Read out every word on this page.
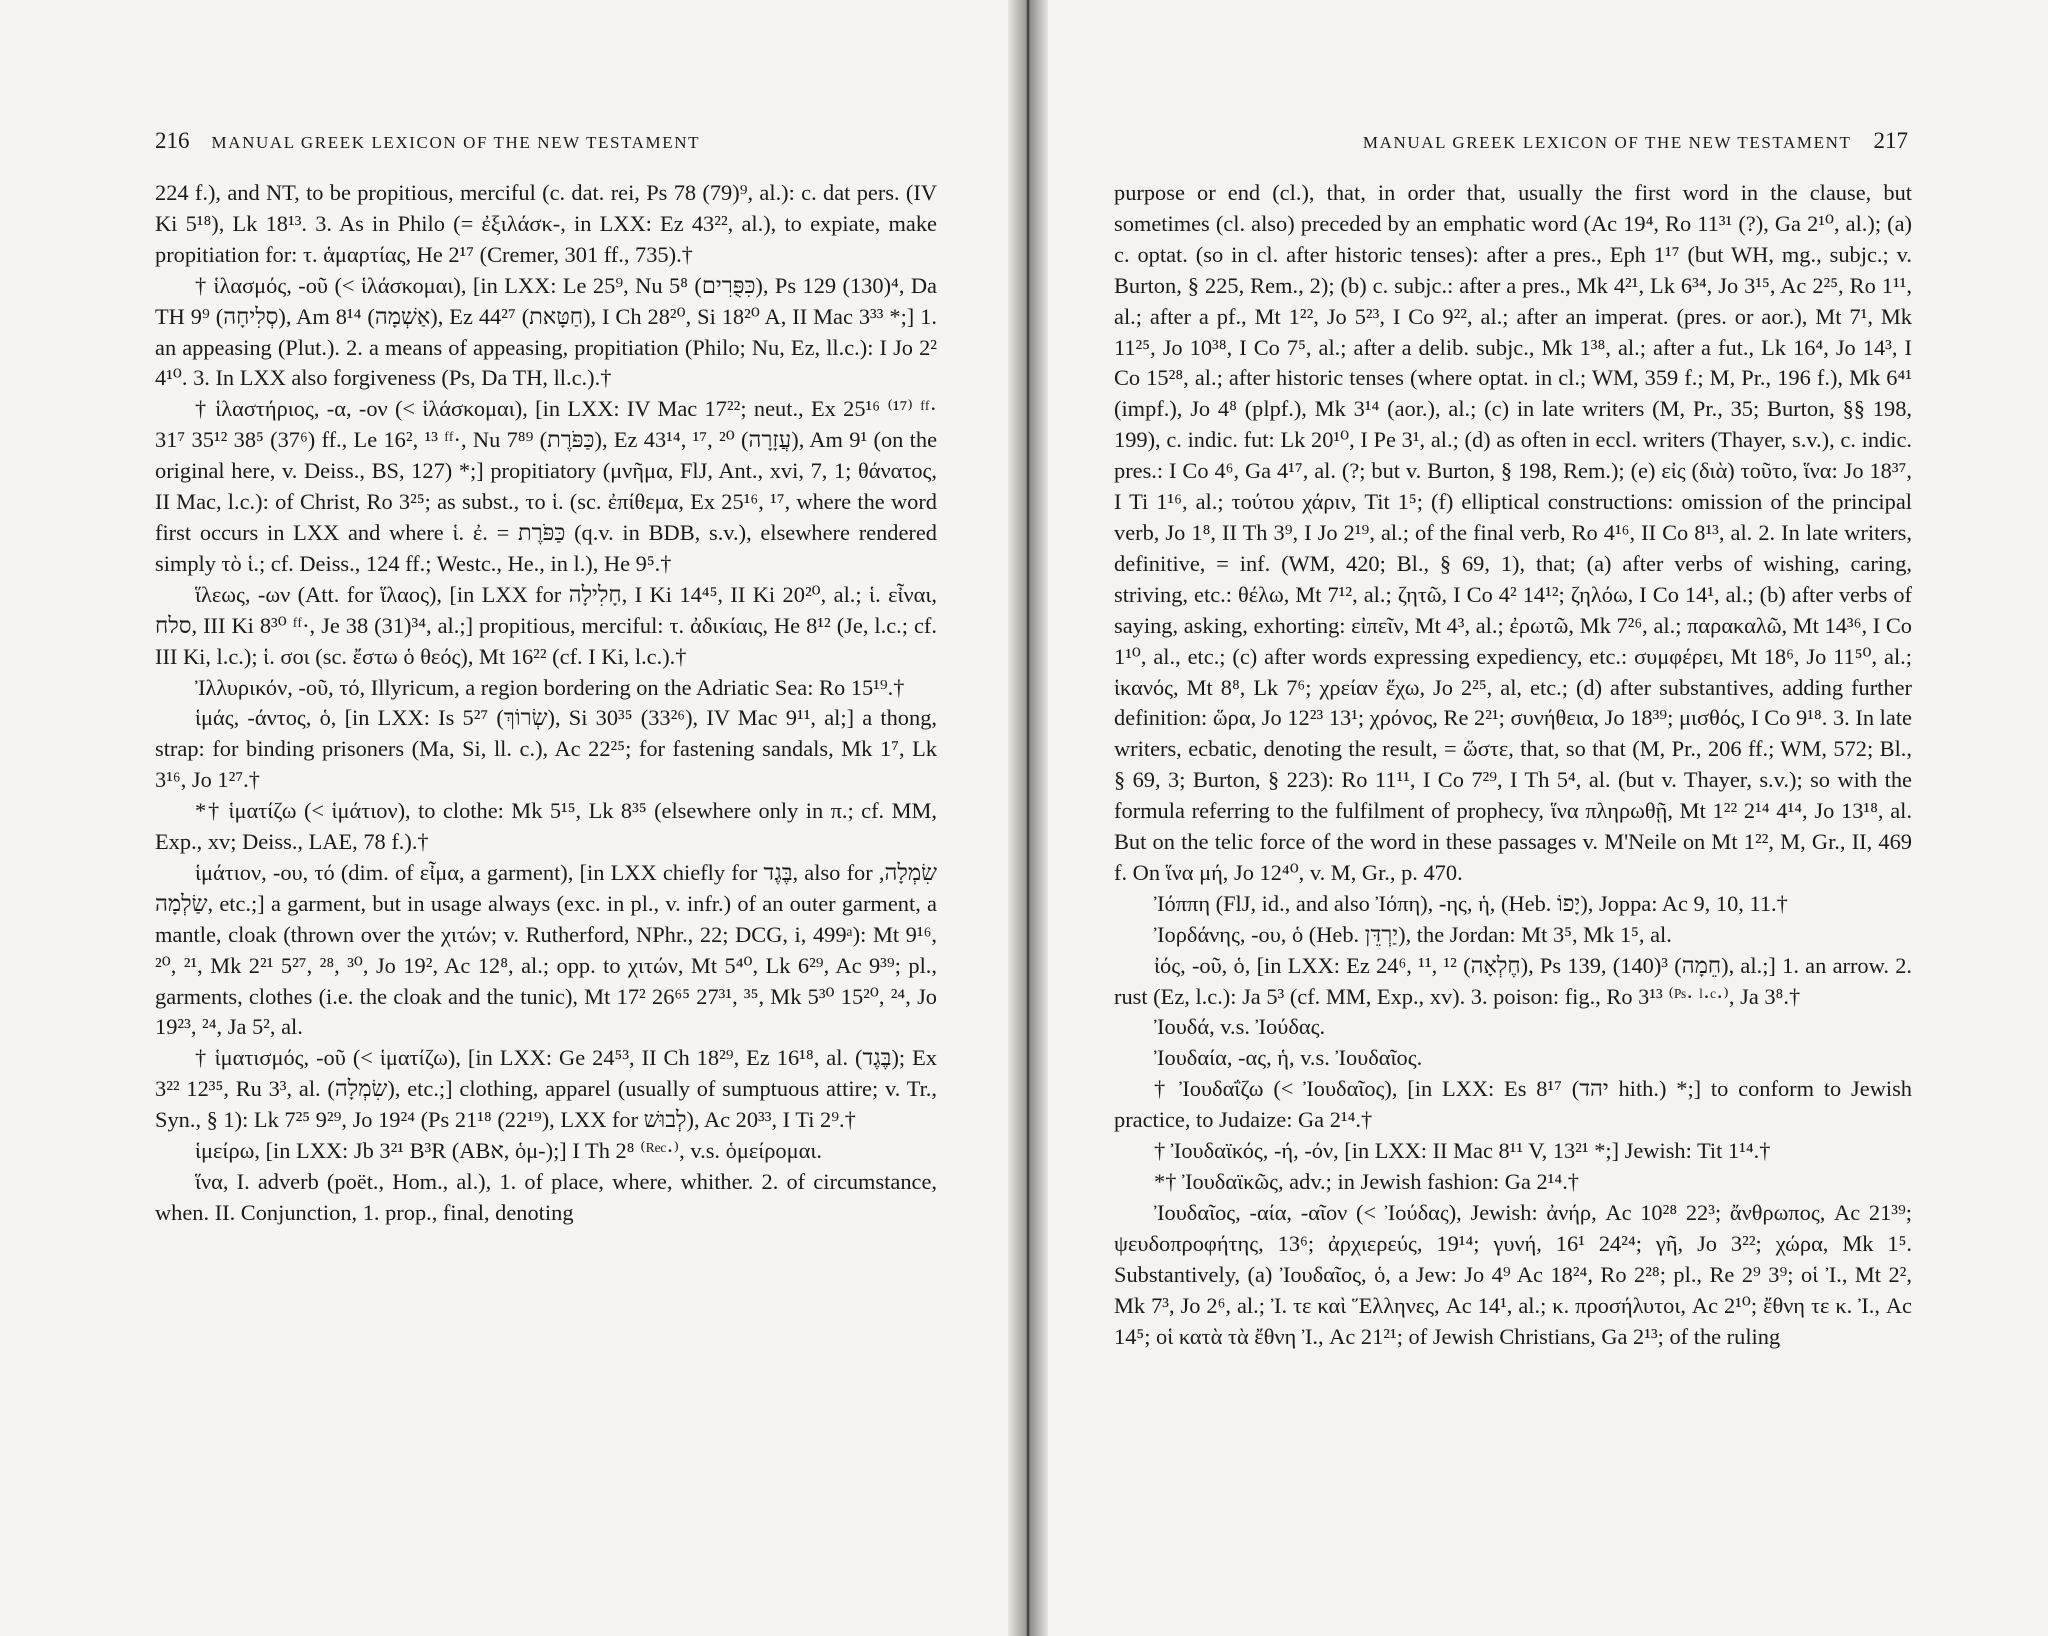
216 MANUAL GREEK LEXICON OF THE NEW TESTAMENT

224 f.), and NT, to be propitious, merciful (c. dat. rei, Ps 78 (79)⁹, al.): c. dat pers. (IV Ki 5¹⁸), Lk 18¹³. 3. As in Philo (= ἐξιλάσκ-, in LXX: Ez 43²², al.), to expiate, make propitiation for: τ. ἁμαρτίας, He 2¹⁷ (Cremer, 301 ff., 735).†

† ἱλασμός, -οῦ (< ἱλάσκομαι), [in LXX: Le 25⁹, Nu 5⁸ (כִּפֻּרִים), Ps 129 (130)⁴, Da TH 9⁹ (סְלִיחָה), Am 8¹⁴ (אַשְׁמָה), Ez 44²⁷ (חַטָּאת), I Ch 28²⁰, Si 18²⁰ A, II Mac 3³³ *;] 1. an appeasing (Plut.). 2. a means of appeasing, propitiation (Philo; Nu, Ez, ll.c.): I Jo 2² 4¹⁰. 3. In LXX also forgiveness (Ps, Da TH, ll.c.).†

† ἱλαστήριος, -α, -ον (< ἱλάσκομαι), [in LXX: IV Mac 17²²; neut., Ex 25¹⁶ ⁽¹⁷⁾ ᶠᶠ· 31⁷ 35¹² 38⁵ (37⁶) ff., Le 16², ¹³ ᶠᶠ·, Nu 7⁸⁹ (כַּפֹּרֶת), Ez 43¹⁴, ¹⁷, ²⁰ (עֲזָרָה), Am 9¹ (on the original here, v. Deiss., BS, 127) *;] propitiatory (μνῆμα, FlJ, Ant., xvi, 7, 1; θάνατος, II Mac, l.c.): of Christ, Ro 3²⁵; as subst., το ἱ. (sc. ἐπίθεμα, Ex 25¹⁶, ¹⁷, where the word first occurs in LXX and where ἱ. ἐ. = כַּפֹּרֶת (q.v. in BDB, s.v.), elsewhere rendered simply τὸ ἱ.; cf. Deiss., 124 ff.; Westc., He., in l.), He 9⁵.†

ἵλεως, -ων (Att. for ἵλαος), [in LXX for חָלִילָה, I Ki 14⁴⁵, II Ki 20²⁰, al.; ἱ. εἶναι, סלח, III Ki 8³⁰ ᶠᶠ·, Je 38 (31)³⁴, al.;] propitious, merciful: τ. ἀδικίαις, He 8¹² (Je, l.c.; cf. III Ki, l.c.); ἱ. σοι (sc. ἔστω ὁ θεός), Mt 16²² (cf. I Ki, l.c.).†

Ἰλλυρικόν, -οῦ, τό, Illyricum, a region bordering on the Adriatic Sea: Ro 15¹⁹.†

ἱμάς, -άντος, ὁ, [in LXX: Is 5²⁷ (שְׂרוֹךְ), Si 30³⁵ (33²⁶), IV Mac 9¹¹, al;] a thong, strap: for binding prisoners (Ma, Si, ll. c.), Ac 22²⁵; for fastening sandals, Mk 1⁷, Lk 3¹⁶, Jo 1²⁷.†

*† ἱματίζω (< ἱμάτιον), to clothe: Mk 5¹⁵, Lk 8³⁵ (elsewhere only in π.; cf. MM, Exp., xv; Deiss., LAE, 78 f.).†

ἱμάτιον, -ου, τό (dim. of εἶμα, a garment), [in LXX chiefly for בֶּגֶד, also for שִׂמְלָה, שַׂלְמָה, etc.;] a garment, but in usage always (exc. in pl., v. infr.) of an outer garment, a mantle, cloak (thrown over the χιτών; v. Rutherford, NPhr., 22; DCG, i, 499ᵃ): Mt 9¹⁶, ²⁰, ²¹, Mk 2²¹ 5²⁷, ²⁸, ³⁰, Jo 19², Ac 12⁸, al.; opp. to χιτών, Mt 5⁴⁰, Lk 6²⁹, Ac 9³⁹; pl., garments, clothes (i.e. the cloak and the tunic), Mt 17² 26⁶⁵ 27³¹, ³⁵, Mk 5³⁰ 15²⁰, ²⁴, Jo 19²³, ²⁴, Ja 5², al.

† ἱματισμός, -οῦ (< ἱματίζω), [in LXX: Ge 24⁵³, II Ch 18²⁹, Ez 16¹⁸, al. (בֶּגֶד); Ex 3²² 12³⁵, Ru 3³, al. (שִׂמְלָה), etc.;] clothing, apparel (usually of sumptuous attire; v. Tr., Syn., § 1): Lk 7²⁵ 9²⁹, Jo 19²⁴ (Ps 21¹⁸ (22¹⁹), LXX for לְבוּשׁ), Ac 20³³, I Ti 2⁹.†

ἱμείρω, [in LXX: Jb 3²¹ B³R (AB‫א‬, ὁμ-);] I Th 2⁸ ⁽ᴿᵉᶜ·⁾, v.s. ὁμείρομαι.

ἵνα, I. adverb (poët., Hom., al.), 1. of place, where, whither. 2. of circumstance, when. II. Conjunction, 1. prop., final, denoting

MANUAL GREEK LEXICON OF THE NEW TESTAMENT 217

purpose or end (cl.), that, in order that, usually the first word in the clause, but sometimes (cl. also) preceded by an emphatic word (Ac 19⁴, Ro 11³¹ (?), Ga 2¹⁰, al.); (a) c. optat. (so in cl. after historic tenses): after a pres., Eph 1¹⁷ (but WH, mg., subjc.; v. Burton, § 225, Rem., 2); (b) c. subjc.: after a pres., Mk 4²¹, Lk 6³⁴, Jo 3¹⁵, Ac 2²⁵, Ro 1¹¹, al.; after a pf., Mt 1²², Jo 5²³, I Co 9²², al.; after an imperat. (pres. or aor.), Mt 7¹, Mk 11²⁵, Jo 10³⁸, I Co 7⁵, al.; after a delib. subjc., Mk 1³⁸, al.; after a fut., Lk 16⁴, Jo 14³, I Co 15²⁸, al.; after historic tenses (where optat. in cl.; WM, 359 f.; M, Pr., 196 f.), Mk 6⁴¹ (impf.), Jo 4⁸ (plpf.), Mk 3¹⁴ (aor.), al.; (c) in late writers (M, Pr., 35; Burton, §§ 198, 199), c. indic. fut: Lk 20¹⁰, I Pe 3¹, al.; (d) as often in eccl. writers (Thayer, s.v.), c. indic. pres.: I Co 4⁶, Ga 4¹⁷, al. (?; but v. Burton, § 198, Rem.); (e) εἰς (διὰ) τοῦτο, ἵνα: Jo 18³⁷, I Ti 1¹⁶, al.; τούτου χάριν, Tit 1⁵; (f) elliptical constructions: omission of the principal verb, Jo 1⁸, II Th 3⁹, I Jo 2¹⁹, al.; of the final verb, Ro 4¹⁶, II Co 8¹³, al. 2. In late writers, definitive, = inf. (WM, 420; Bl., § 69, 1), that; (a) after verbs of wishing, caring, striving, etc.: θέλω, Mt 7¹², al.; ζητῶ, I Co 4² 14¹²; ζηλόω, I Co 14¹, al.; (b) after verbs of saying, asking, exhorting: εἰπεῖν, Mt 4³, al.; ἐρωτῶ, Mk 7²⁶, al.; παρακαλῶ, Mt 14³⁶, I Co 1¹⁰, al., etc.; (c) after words expressing expediency, etc.: συμφέρει, Mt 18⁶, Jo 11⁵⁰, al.; ἱκανός, Mt 8⁸, Lk 7⁶; χρείαν ἔχω, Jo 2²⁵, al, etc.; (d) after substantives, adding further definition: ὥρα, Jo 12²³ 13¹; χρόνος, Re 2²¹; συνήθεια, Jo 18³⁹; μισθός, I Co 9¹⁸. 3. In late writers, ecbatic, denoting the result, = ὥστε, that, so that (M, Pr., 206 ff.; WM, 572; Bl., § 69, 3; Burton, § 223): Ro 11¹¹, I Co 7²⁹, I Th 5⁴, al. (but v. Thayer, s.v.); so with the formula referring to the fulfilment of prophecy, ἵνα πληρωθῇ, Mt 1²² 2¹⁴ 4¹⁴, Jo 13¹⁸, al. But on the telic force of the word in these passages v. M'Neile on Mt 1²², M, Gr., II, 469 f. On ἵνα μή, Jo 12⁴⁰, v. M, Gr., p. 470.

Ἰόππη (FlJ, id., and also Ἰόπη), -ης, ἡ, (Heb. יָפוֹ), Joppa: Ac 9, 10, 11.†

Ἰορδάνης, -ου, ὁ (Heb. יַרְדֵּן), the Jordan: Mt 3⁵, Mk 1⁵, al.

ἰός, -οῦ, ὁ, [in LXX: Ez 24⁶, ¹¹, ¹² (חֶלְאָה), Ps 139, (140)³ (חֵמָה), al.;] 1. an arrow. 2. rust (Ez, l.c.): Ja 5³ (cf. MM, Exp., xv). 3. poison: fig., Ro 3¹³ ⁽ᴾˢ· ˡ·ᶜ·⁾, Ja 3⁸.†

Ἰουδά, v.s. Ἰούδας.

Ἰουδαία, -ας, ἡ, v.s. Ἰουδαῖος.

† Ἰουδαΐζω (< Ἰουδαῖος), [in LXX: Es 8¹⁷ (יהד hith.) *;] to conform to Jewish practice, to Judaize: Ga 2¹⁴.†

† Ἰουδαϊκός, -ή, -όν, [in LXX: II Mac 8¹¹ V, 13²¹ *;] Jewish: Tit 1¹⁴.†

*† Ἰουδαϊκῶς, adv.; in Jewish fashion: Ga 2¹⁴.†

Ἰουδαῖος, -αία, -αῖον (< Ἰούδας), Jewish: ἀνήρ, Ac 10²⁸ 22³; ἄνθρωπος, Ac 21³⁹; ψευδοπροφήτης, 13⁶; ἀρχιερεύς, 19¹⁴; γυνή, 16¹ 24²⁴; γῆ, Jo 3²²; χώρα, Mk 1⁵. Substantively, (a) Ἰουδαῖος, ὁ, a Jew: Jo 4⁹ Ac 18²⁴, Ro 2²⁸; pl., Re 2⁹ 3⁹; οἱ Ἰ., Mt 2², Mk 7³, Jo 2⁶, al.; Ἰ. τε καὶ Ἕλληνες, Ac 14¹, al.; κ. προσήλυτοι, Ac 2¹⁰; ἔθνη τε κ. Ἰ., Ac 14⁵; οἱ κατὰ τὰ ἔθνη Ἰ., Ac 21²¹; of Jewish Christians, Ga 2¹³; of the ruling
